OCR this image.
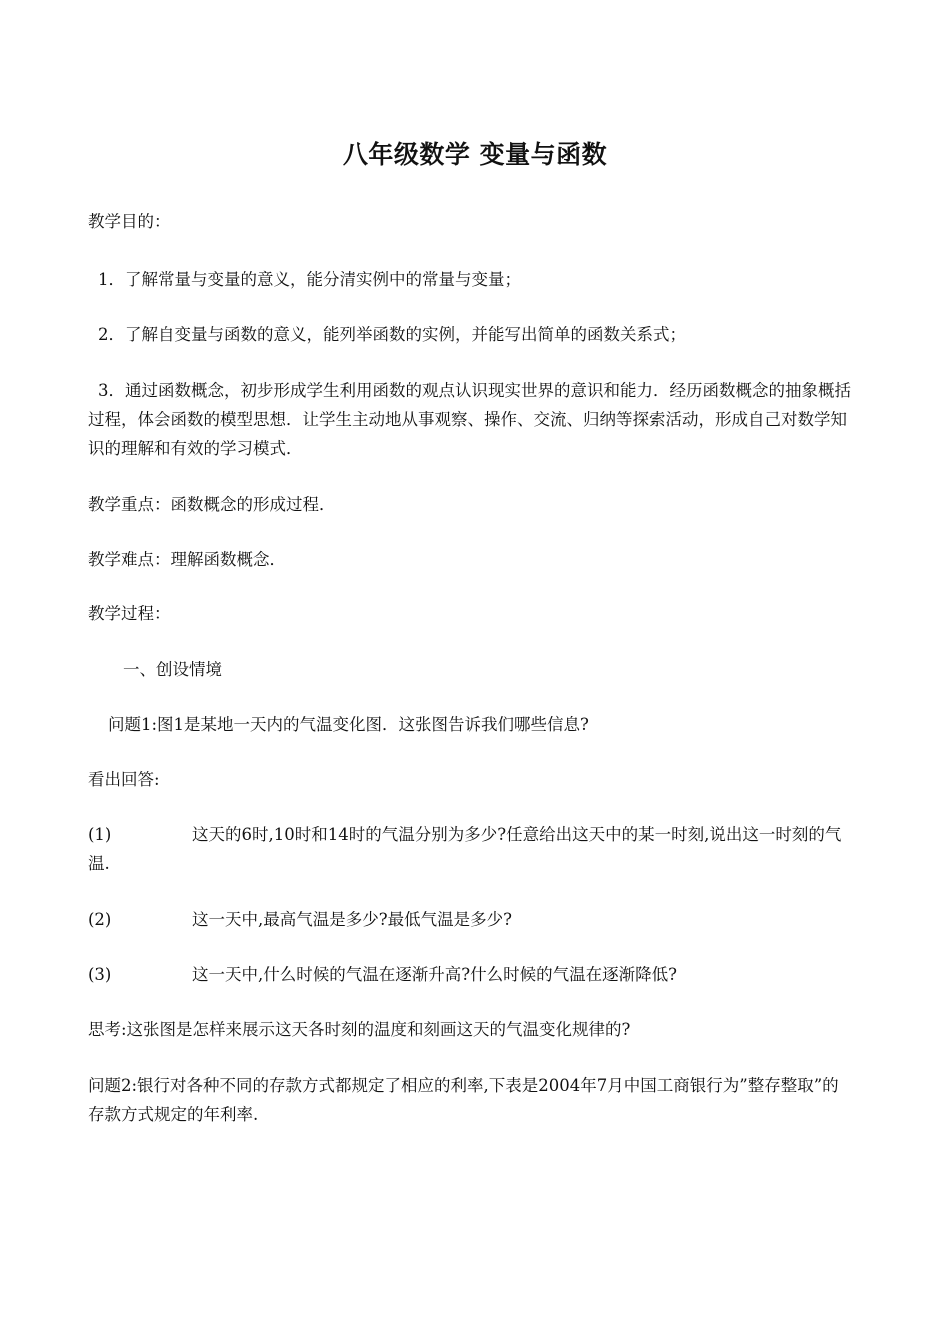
八年级数学 变量与函数
教学目的：
1．了解常量与变量的意义，能分清实例中的常量与变量；
2．了解自变量与函数的意义，能列举函数的实例，并能写出简单的函数关系式；
3．通过函数概念，初步形成学生利用函数的观点认识现实世界的意识和能力．经历函数概念的抽象概括过程，体会函数的模型思想．让学生主动地从事观察、操作、交流、归纳等探索活动，形成自己对数学知识的理解和有效的学习模式．
教学重点：函数概念的形成过程．
教学难点：理解函数概念．
教学过程：
一、创设情境
问题1:图1是某地一天内的气温变化图．这张图告诉我们哪些信息?
看出回答:
(1)	这天的6时,10时和14时的气温分别为多少?任意给出这天中的某一时刻,说出这一时刻的气温.
(2)	这一天中,最高气温是多少?最低气温是多少?
(3)	这一天中,什么时候的气温在逐渐升高?什么时候的气温在逐渐降低?
思考:这张图是怎样来展示这天各时刻的温度和刻画这天的气温变化规律的?
问题2:银行对各种不同的存款方式都规定了相应的利率,下表是2004年7月中国工商银行为”整存整取”的存款方式规定的年利率.
